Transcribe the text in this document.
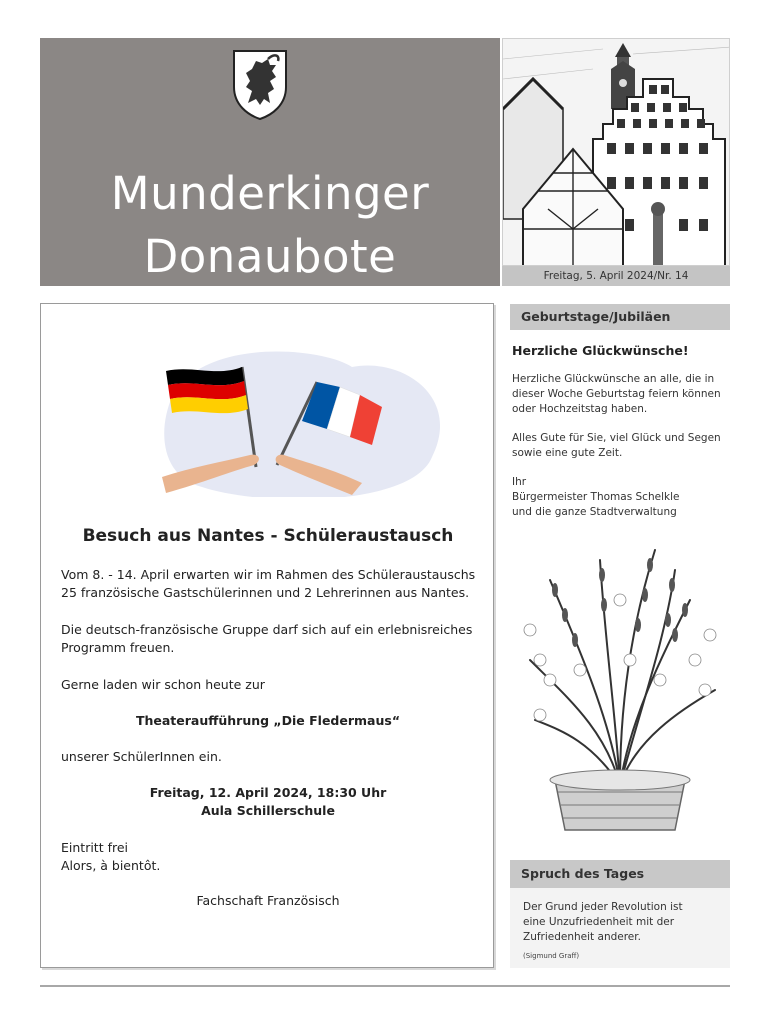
Munderkinger
Donaubote
AMTSBLATT DER STADT MUNDERKINGEN
Freitag, 5. April 2024/Nr. 14
Besuch aus Nantes - Schüleraustausch
Vom 8. - 14. April erwarten wir im Rahmen des Schüleraustauschs
25 französische Gastschülerinnen und 2 Lehrerinnen aus Nantes.
Die deutsch-französische Gruppe darf sich auf ein erlebnisreiches
Programm freuen.
Gerne laden wir schon heute zur
Theateraufführung „Die Fledermaus“
unserer SchülerInnen ein.
Freitag, 12. April 2024, 18:30 Uhr
Aula Schillerschule
Eintritt frei
Alors, à bientôt.
Fachschaft Französisch
Geburtstage/Jubiläen
Herzliche Glückwünsche!
Herzliche Glückwünsche an alle, die in
dieser Woche Geburtstag feiern können
oder Hochzeitstag haben.
Alles Gute für Sie, viel Glück und Segen
sowie eine gute Zeit.
Ihr
Bürgermeister Thomas Schelkle
und die ganze Stadtverwaltung
Spruch des Tages
Der Grund jeder Revolution ist
eine Unzufriedenheit mit der
Zufriedenheit anderer.
(Sigmund Graff)
